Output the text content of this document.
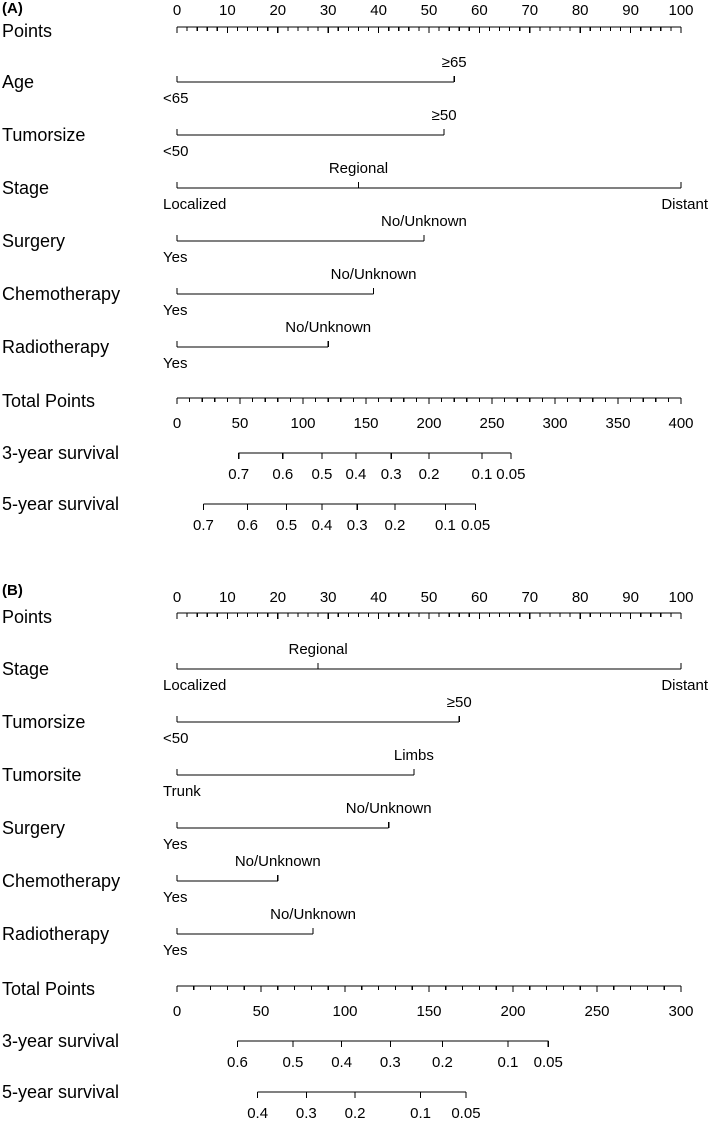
(A)
Points
0	10 20 30 40 50 60 70 80 90 100
Age
<65
≥65
Tumorsize
<50
≥50
Stage
Localized
Regional
Distant
Surgery
Yes
No/Unknown
Chemotherapy
Yes
No/Unknown
Radiotherapy
Yes
No/Unknown
Total Points
0	50	100	150	200	250	300	350	400
3-year survival
0.7 0.6 0.5 0.4 0.3 0.2 0.1 0.05
5-year survival
0.7 0.6 0.5 0.4 0.3 0.2 0.1 0.05
(B)
Points
0	10 20 30 40 50 60 70 80 90 100
Stage
Localized
Regional
Distant
Tumorsize
<50
≥50
Tumorsite
Trunk
Limbs
Surgery
Yes
No/Unknown
Chemotherapy
Yes
No/Unknown
Radiotherapy
Yes
No/Unknown
Total Points
0	50	100	150	200	250	300
3-year survival
0.6 0.5 0.4 0.3 0.2	0.1 0.05
5-year survival
0.4 0.3 0.2	0.1 0.05
